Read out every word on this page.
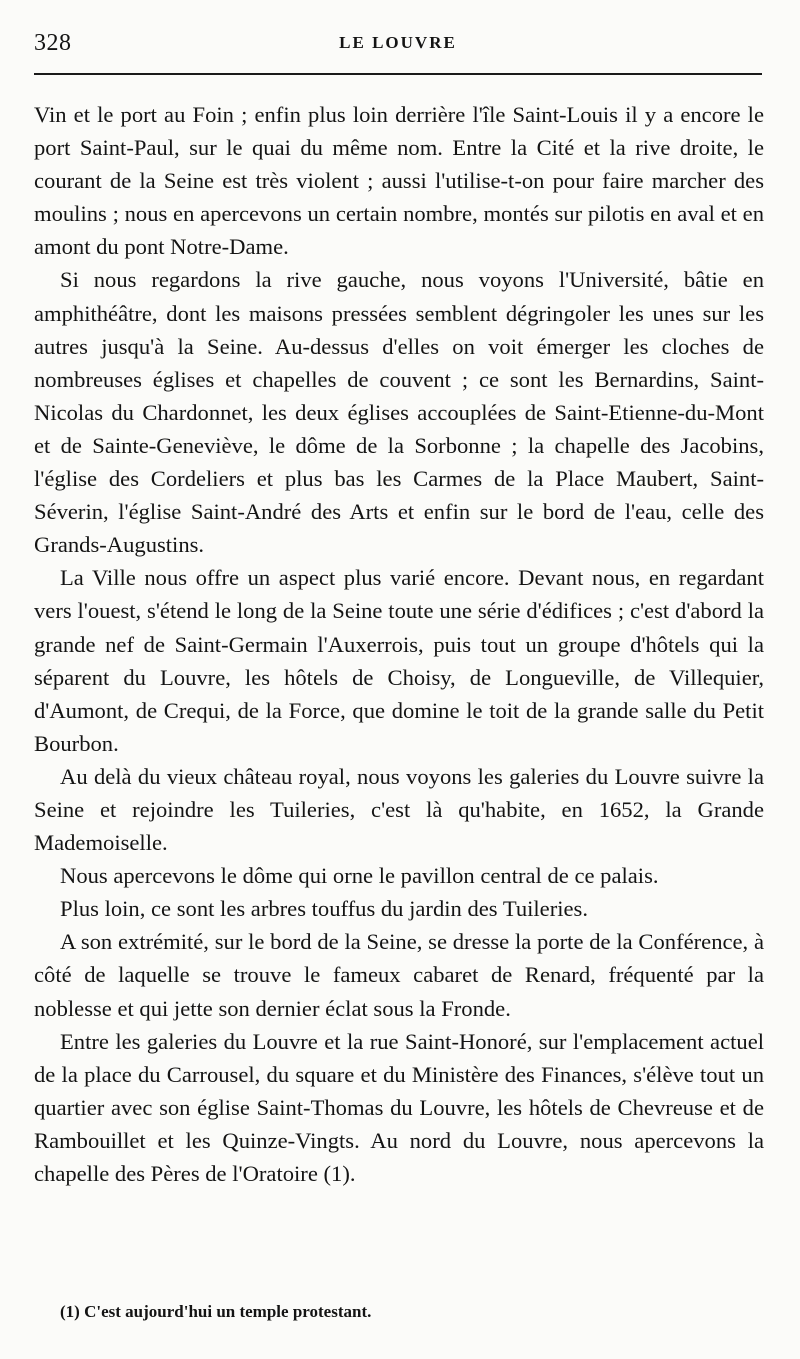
328	LE LOUVRE

Vin et le port au Foin ; enfin plus loin derrière l'île Saint-Louis il y a encore le port Saint-Paul, sur le quai du même nom. Entre la Cité et la rive droite, le courant de la Seine est très violent ; aussi l'utilise-t-on pour faire marcher des moulins ; nous en apercevons un certain nombre, montés sur pilotis en aval et en amont du pont Notre-Dame.

Si nous regardons la rive gauche, nous voyons l'Université, bâtie en amphithéâtre, dont les maisons pressées semblent dégringoler les unes sur les autres jusqu'à la Seine. Au-dessus d'elles on voit émerger les cloches de nombreuses églises et chapelles de couvent ; ce sont les Bernardins, Saint-Nicolas du Chardonnet, les deux églises accouplées de Saint-Etienne-du-Mont et de Sainte-Geneviève, le dôme de la Sorbonne ; la chapelle des Jacobins, l'église des Cordeliers et plus bas les Carmes de la Place Maubert, Saint-Séverin, l'église Saint-André des Arts et enfin sur le bord de l'eau, celle des Grands-Augustins.

La Ville nous offre un aspect plus varié encore. Devant nous, en regardant vers l'ouest, s'étend le long de la Seine toute une série d'édifices ; c'est d'abord la grande nef de Saint-Germain l'Auxerrois, puis tout un groupe d'hôtels qui la séparent du Louvre, les hôtels de Choisy, de Longueville, de Villequier, d'Aumont, de Crequi, de la Force, que domine le toit de la grande salle du Petit Bourbon.

Au delà du vieux château royal, nous voyons les galeries du Louvre suivre la Seine et rejoindre les Tuileries, c'est là qu'habite, en 1652, la Grande Mademoiselle.

Nous apercevons le dôme qui orne le pavillon central de ce palais.

Plus loin, ce sont les arbres touffus du jardin des Tuileries.

A son extrémité, sur le bord de la Seine, se dresse la porte de la Conférence, à côté de laquelle se trouve le fameux cabaret de Renard, fréquenté par la noblesse et qui jette son dernier éclat sous la Fronde.

Entre les galeries du Louvre et la rue Saint-Honoré, sur l'emplacement actuel de la place du Carrousel, du square et du Ministère des Finances, s'élève tout un quartier avec son église Saint-Thomas du Louvre, les hôtels de Chevreuse et de Rambouillet et les Quinze-Vingts. Au nord du Louvre, nous apercevons la chapelle des Pères de l'Oratoire (1).

(1) C'est aujourd'hui un temple protestant.
